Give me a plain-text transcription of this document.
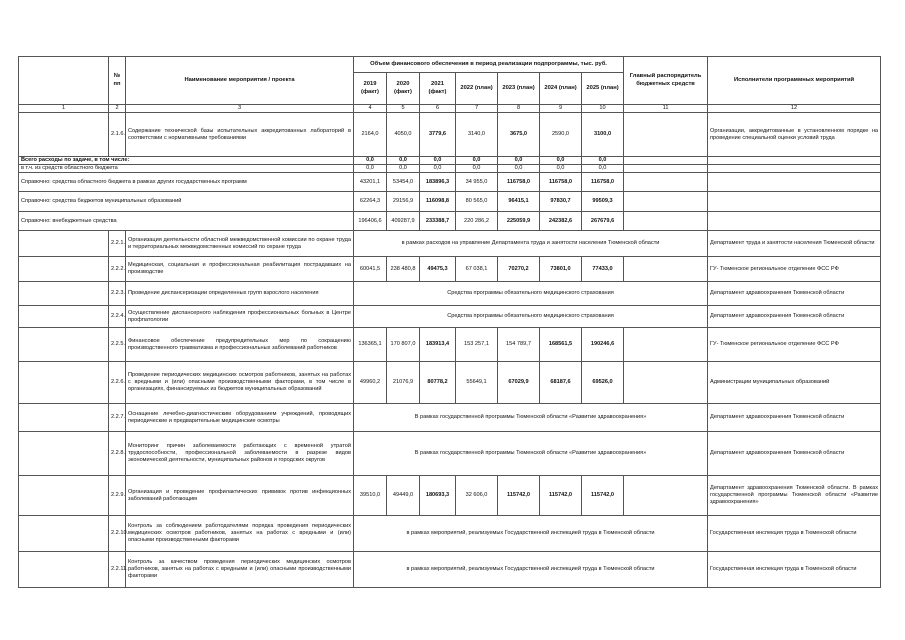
	№ пп	Наименование мероприятия / проекта	Объем финансового обеспечения в период реализации подпрограммы, тыс. руб.							Главный распорядитель бюджетных средств	Исполнители программных мероприятий
			2019 (факт)	2020 (факт)	2021 (факт)	2022 (план)	2023 (план)	2024 (план)	2025 (план)		
1	2	3	4	5	6	7	8	9	10	11	12
	2.1.6.	Содержание технической базы испытательных аккредитованных лабораторий в соответствии с нормативными требованиями	2164,0	4050,0	3779,6	3140,0	3675,0	2590,0	3100,0		Организации, аккредитованные в установленном порядке на проведение специальной оценки условий труда
Всего расходы по задаче, в том числе:			0,0	0,0	0,0	0,0	0,0	0,0	0,0		
в т.ч. из средств областного бюджета			0,0	0,0	0,0	0,0	0,0	0,0	0,0		
Справочно: средства областного бюджета в рамках других государственных программ			43201,1	53454,0	183896,3	34 955,0	116758,0	116758,0	116758,0		
Справочно: средства бюджетов муниципальных образований			62264,3	29156,9	116098,8	80 565,0	96415,1	97830,7	99509,3		
Справочно: внебюджетные средства			196406,6	409287,9	233388,7	220 286,2	225059,9	242382,6	267679,6		
	2.2.1.	Организация деятельности областной межведомственной комиссии по охране труда и территориальных межведомственных комиссий по охране труда	в рамках расходов на управление Департамента труда и занятости населения Тюменской области								Департамент труда и занятости населения Тюменской области
	2.2.2.	Медицинская, социальная и профессиональная реабилитация пострадавших на производстве	60041,5	238 480,8	49475,3	67 038,1	70270,2	73801,0	77433,0		ГУ- Тюменское региональное отделение ФСС РФ
	2.2.3.	Проведение диспансеризации определенных групп взрослого населения	Средства программы обязательного медицинского страхования								Департамент здравоохранения Тюменской области
	2.2.4.	Осуществление диспансерного наблюдения профессиональных больных в Центре профпатологии	Средства программы обязательного медицинского страхования								Департамент здравоохранения Тюменской области
	2.2.5.	Финансовое обеспечение предупредительных мер по сокращению производственного травматизма и профессиональных заболеваний работников	136365,1	170 807,0	183913,4	153 257,1	154 789,7	168561,5	190246,6		ГУ- Тюменское региональное отделение ФСС РФ
	2.2.6.	Проведение периодических медицинских осмотров работников, занятых на работах с вредными и (или) опасными производственными факторами, в том числе в организациях, финансируемых из бюджетов муниципальных образований	49960,2	21076,9	80778,2	55649,1	67029,9	68187,6	69526,0		Администрации муниципальных образований
	2.2.7.	Оснащение лечебно-диагностическим оборудованием учреждений, проводящих периодические и предварительные медицинские осмотры	В рамках государственной программы Тюменской области «Развитие здравоохранения»								Департамент здравоохранения Тюменской области
	2.2.8.	Мониторинг причин заболеваемости работающих с временной утратой трудоспособности, профессиональной заболеваемости в разрезе видов экономической деятельности, муниципальных районов и городских округов	В рамках государственной программы Тюменской области «Развитие здравоохранения»								Департамент здравоохранения Тюменской области
	2.2.9.	Организация и проведение профилактических прививок против инфекционных заболеваний работающим	39510,0	49449,0	180693,3	32 606,0	115742,0	115742,0	115742,0		Департамент здравоохранения Тюменской области. В рамках государственной программы Тюменской области «Развитие здравоохранения»
	2.2.10.	Контроль за соблюдением работодателями порядка проведения периодических медицинских осмотров работников, занятых на работах с вредными и (или) опасными производственными факторами	в рамках мероприятий, реализуемых Государственной инспекцией труда в Тюменской области								Государственная инспекция труда в Тюменской области
	2.2.11.	Контроль за качеством проведения периодических медицинских осмотров работников, занятых на работах с вредными и (или) опасными производственными факторами	в рамках мероприятий, реализуемых Государственной инспекцией труда в Тюменской области								Государственная инспекция труда в Тюменской области
